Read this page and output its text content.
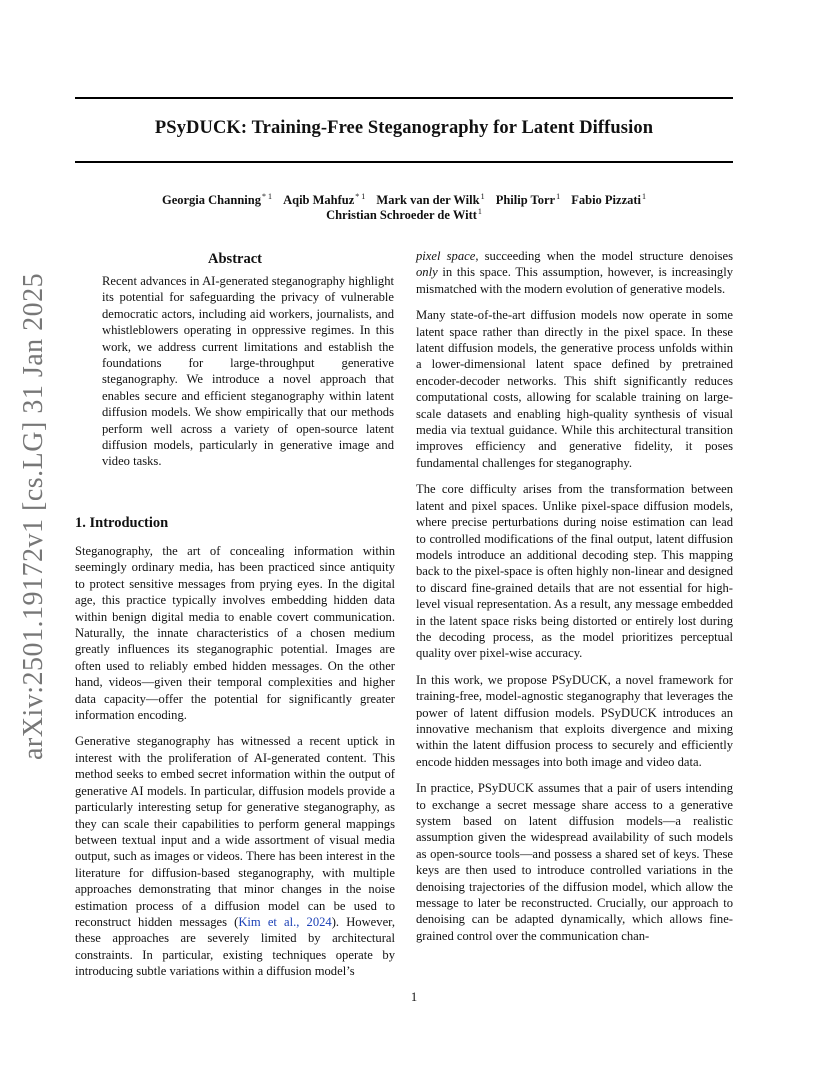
PSyDUCK: Training-Free Steganography for Latent Diffusion

Georgia Channing$^{* 1}$ Aqib Mahfuz$^{* 1}$ Mark van der Wilk$^1$ Philip Torr$^1$ Fabio Pizzati$^1$

Christian Schroeder de Witt$^1$

arXiv:2501.19172v1 [cs.LG] 31 Jan 2025
Abstract

Recent advances in AI-generated steganography highlight its potential for safeguarding the privacy of vulnerable democratic actors, including aid workers, journalists, and whistleblowers operating in oppressive regimes. In this work, we address current limitations and establish the foundations for large-throughput generative steganography. We introduce a novel approach that enables secure and efficient steganography within latent diffusion models. We show empirically that our methods perform well across a variety of open-source latent diffusion models, particularly in generative image and video tasks.

1. Introduction

Steganography, the art of concealing information within seemingly ordinary media, has been practiced since antiquity to protect sensitive messages from prying eyes. In the digital age, this practice typically involves embedding hidden data within benign digital media to enable covert communication. Naturally, the innate characteristics of a chosen medium greatly influences its steganographic potential. Images are often used to reliably embed hidden messages. On the other hand, videos—given their temporal complexities and higher data capacity—offer the potential for significantly greater information encoding.

Generative steganography has witnessed a recent uptick in interest with the proliferation of AI-generated content. This method seeks to embed secret information within the output of generative AI models. In particular, diffusion models provide a particularly interesting setup for generative steganography, as they can scale their capabilities to perform general mappings between textual input and a wide assortment of visual media output, such as images or videos. There has been interest in the literature for diffusion-based steganography, with multiple approaches demonstrating that minor changes in the noise estimation process of a diffusion model can be used to reconstruct hidden messages (Kim et al., 2024). However, these approaches are severely limited by architectural constraints. In particular, existing techniques operate by introducing subtle variations within a diffusion model’s

pixel space, succeeding when the model structure denoises only in this space. This assumption, however, is increasingly mismatched with the modern evolution of generative models.

Many state-of-the-art diffusion models now operate in some latent space rather than directly in the pixel space. In these latent diffusion models, the generative process unfolds within a lower-dimensional latent space defined by pretrained encoder-decoder networks. This shift significantly reduces computational costs, allowing for scalable training on large-scale datasets and enabling high-quality synthesis of visual media via textual guidance. While this architectural transition improves efficiency and generative fidelity, it poses fundamental challenges for steganography.

The core difficulty arises from the transformation between latent and pixel spaces. Unlike pixel-space diffusion models, where precise perturbations during noise estimation can lead to controlled modifications of the final output, latent diffusion models introduce an additional decoding step. This mapping back to the pixel-space is often highly non-linear and designed to discard fine-grained details that are not essential for high-level visual representation. As a result, any message embedded in the latent space risks being distorted or entirely lost during the decoding process, as the model prioritizes perceptual quality over pixel-wise accuracy.

In this work, we propose PSyDUCK, a novel framework for training-free, model-agnostic steganography that leverages the power of latent diffusion models. PSyDUCK introduces an innovative mechanism that exploits divergence and mixing within the latent diffusion process to securely and efficiently encode hidden messages into both image and video data.

In practice, PSyDUCK assumes that a pair of users intending to exchange a secret message share access to a generative system based on latent diffusion models—a realistic assumption given the widespread availability of such models as open-source tools—and possess a shared set of keys. These keys are then used to introduce controlled variations in the denoising trajectories of the diffusion model, which allow the message to later be reconstructed. Crucially, our approach to denoising can be adapted dynamically, which allows fine-grained control over the communication chan-

1
